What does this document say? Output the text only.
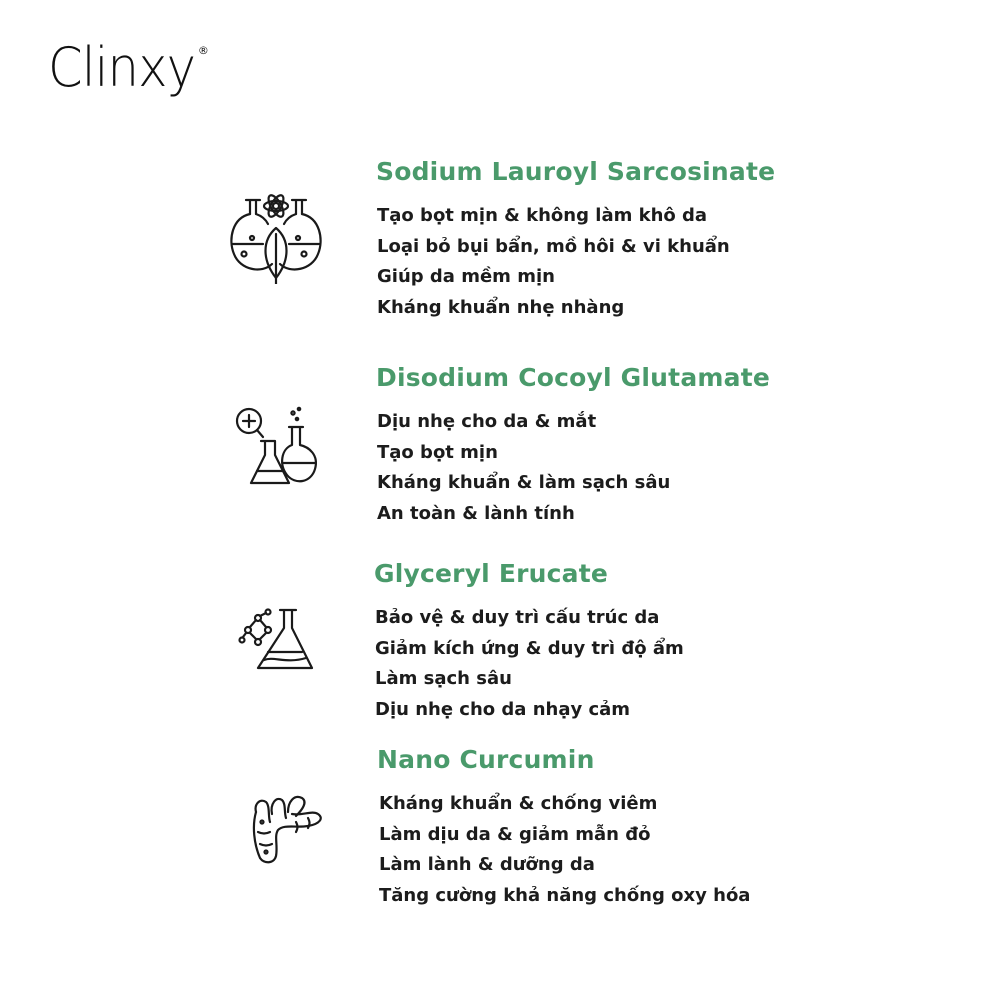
Clinxy ®
Sodium Lauroyl Sarcosinate
Tạo bọt mịn & không làm khô da
Loại bỏ bụi bẩn, mồ hôi & vi khuẩn
Giúp da mềm mịn
Kháng khuẩn nhẹ nhàng
Disodium Cocoyl Glutamate
Dịu nhẹ cho da & mắt
Tạo bọt mịn
Kháng khuẩn & làm sạch sâu
An toàn & lành tính
Glyceryl Erucate
Bảo vệ & duy trì cấu trúc da
Giảm kích ứng & duy trì độ ẩm
Làm sạch sâu
Dịu nhẹ cho da nhạy cảm
Nano Curcumin
Kháng khuẩn & chống viêm
Làm dịu da & giảm mẫn đỏ
Làm lành & dưỡng da
Tăng cường khả năng chống oxy hóa
